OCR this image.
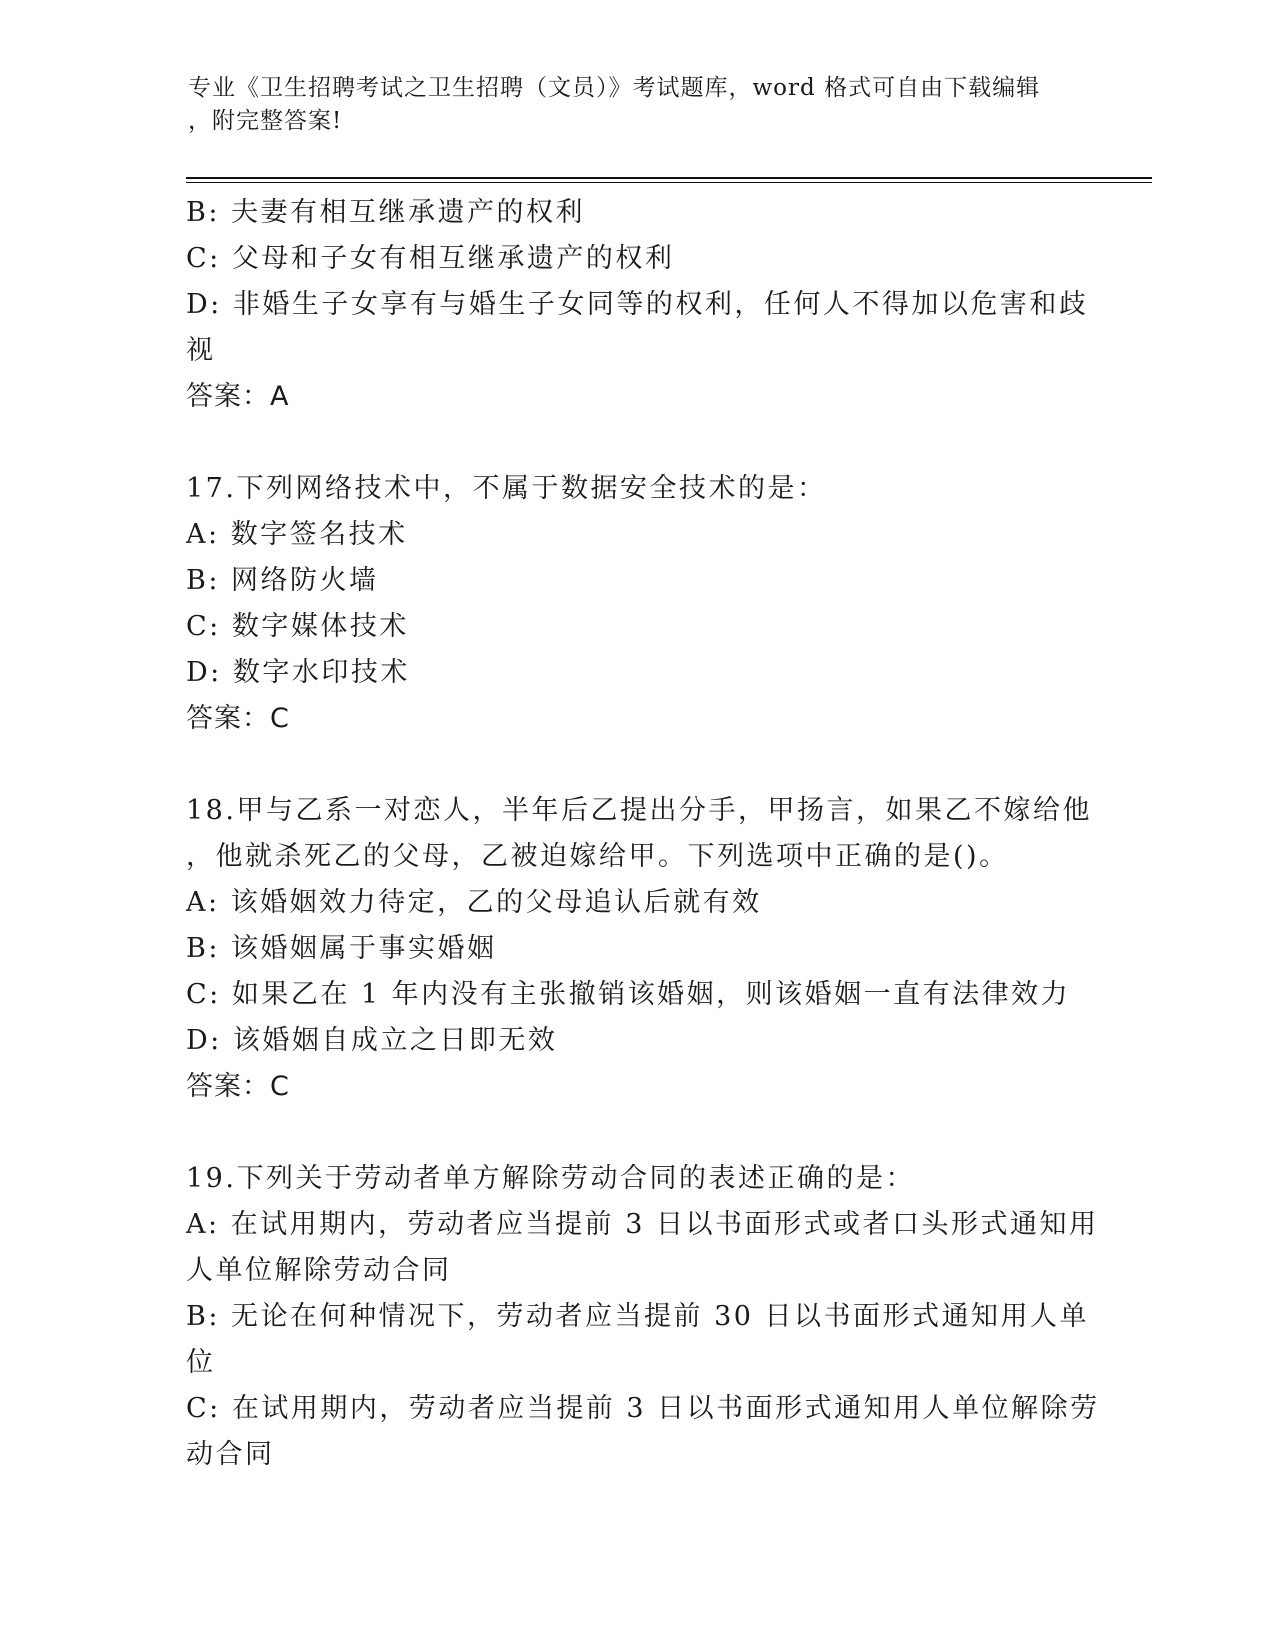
专业《卫生招聘考试之卫生招聘（文员）》考试题库，word 格式可自由下载编辑
，附完整答案!
B: 夫妻有相互继承遗产的权利
C: 父母和子女有相互继承遗产的权利
D: 非婚生子女享有与婚生子女同等的权利，任何人不得加以危害和歧
视
答案：A
17.下列网络技术中，不属于数据安全技术的是：
A: 数字签名技术
B: 网络防火墙
C: 数字媒体技术
D: 数字水印技术
答案：C
18.甲与乙系一对恋人，半年后乙提出分手，甲扬言，如果乙不嫁给他
，他就杀死乙的父母，乙被迫嫁给甲。下列选项中正确的是()。
A: 该婚姻效力待定，乙的父母追认后就有效
B: 该婚姻属于事实婚姻
C: 如果乙在 1 年内没有主张撤销该婚姻，则该婚姻一直有法律效力
D: 该婚姻自成立之日即无效
答案：C
19.下列关于劳动者单方解除劳动合同的表述正确的是：
A: 在试用期内，劳动者应当提前 3 日以书面形式或者口头形式通知用
人单位解除劳动合同
B: 无论在何种情况下，劳动者应当提前 30 日以书面形式通知用人单
位
C: 在试用期内，劳动者应当提前 3 日以书面形式通知用人单位解除劳
动合同
